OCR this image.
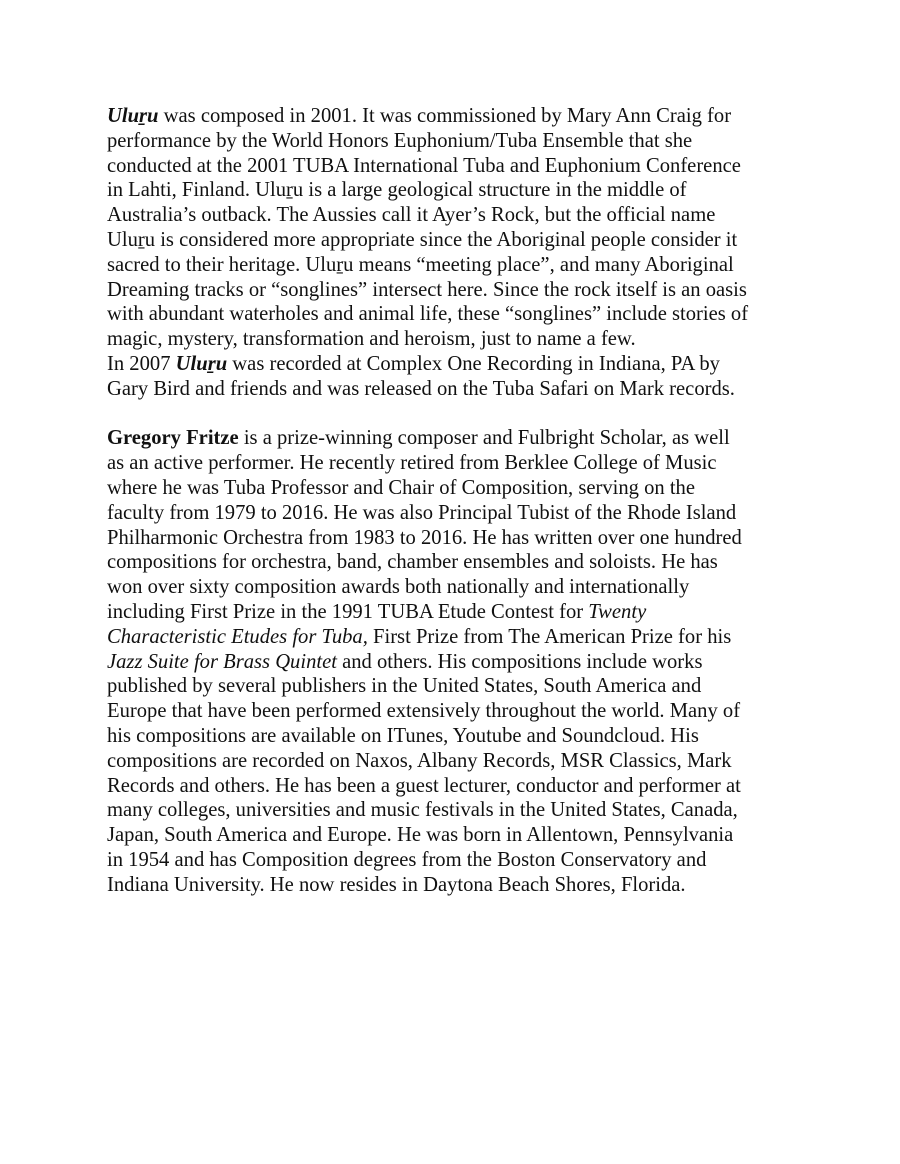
Uluṟu was composed in 2001. It was commissioned by Mary Ann Craig for
performance by the World Honors Euphonium/Tuba Ensemble that she
conducted at the 2001 TUBA International Tuba and Euphonium Conference
in Lahti, Finland. Uluṟu is a large geological structure in the middle of
Australia’s outback. The Aussies call it Ayer’s Rock, but the official name
Uluṟu is considered more appropriate since the Aboriginal people consider it
sacred to their heritage. Uluṟu means “meeting place”, and many Aboriginal
Dreaming tracks or “songlines” intersect here. Since the rock itself is an oasis
with abundant waterholes and animal life, these “songlines” include stories of
magic, mystery, transformation and heroism, just to name a few.
In 2007 Uluṟu was recorded at Complex One Recording in Indiana, PA by
Gary Bird and friends and was released on the Tuba Safari on Mark records.
Gregory Fritze is a prize-winning composer and Fulbright Scholar, as well
as an active performer. He recently retired from Berklee College of Music
where he was Tuba Professor and Chair of Composition, serving on the
faculty from 1979 to 2016. He was also Principal Tubist of the Rhode Island
Philharmonic Orchestra from 1983 to 2016. He has written over one hundred
compositions for orchestra, band, chamber ensembles and soloists. He has
won over sixty composition awards both nationally and internationally
including First Prize in the 1991 TUBA Etude Contest for Twenty
Characteristic Etudes for Tuba, First Prize from The American Prize for his
Jazz Suite for Brass Quintet and others. His compositions include works
published by several publishers in the United States, South America and
Europe that have been performed extensively throughout the world. Many of
his compositions are available on ITunes, Youtube and Soundcloud. His
compositions are recorded on Naxos, Albany Records, MSR Classics, Mark
Records and others. He has been a guest lecturer, conductor and performer at
many colleges, universities and music festivals in the United States, Canada,
Japan, South America and Europe. He was born in Allentown, Pennsylvania
in 1954 and has Composition degrees from the Boston Conservatory and
Indiana University. He now resides in Daytona Beach Shores, Florida.
